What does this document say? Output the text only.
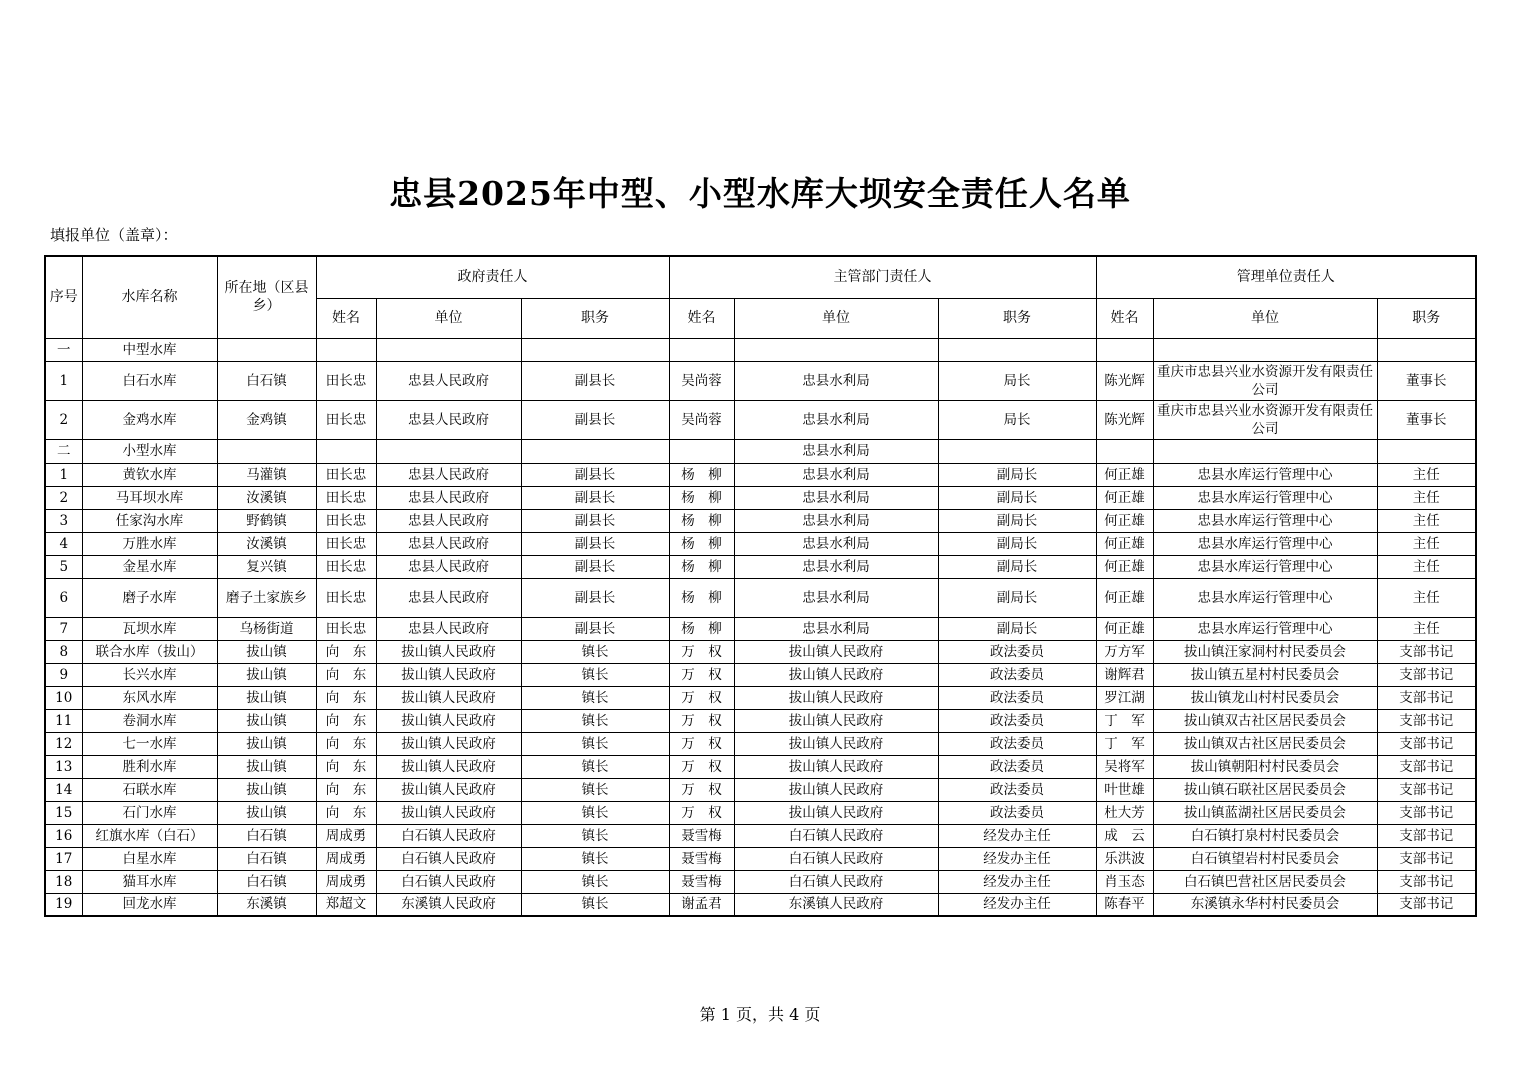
忠县2025年中型、小型水库大坝安全责任人名单
填报单位（盖章）：
序号	水库名称	所在地（区县乡）	政府责任人			主管部门责任人			管理单位责任人		
			姓名	单位	职务	姓名	单位	职务	姓名	单位	职务
一	中型水库										
1	白石水库	白石镇	田长忠	忠县人民政府	副县长	吴尚蓉	忠县水利局	局长	陈光辉	重庆市忠县兴业水资源开发有限责任公司	董事长
2	金鸡水库	金鸡镇	田长忠	忠县人民政府	副县长	吴尚蓉	忠县水利局	局长	陈光辉	重庆市忠县兴业水资源开发有限责任公司	董事长
二	小型水库						忠县水利局				
1	黄钦水库	马灌镇	田长忠	忠县人民政府	副县长	杨　柳	忠县水利局	副局长	何正雄	忠县水库运行管理中心	主任
2	马耳坝水库	汝溪镇	田长忠	忠县人民政府	副县长	杨　柳	忠县水利局	副局长	何正雄	忠县水库运行管理中心	主任
3	任家沟水库	野鹤镇	田长忠	忠县人民政府	副县长	杨　柳	忠县水利局	副局长	何正雄	忠县水库运行管理中心	主任
4	万胜水库	汝溪镇	田长忠	忠县人民政府	副县长	杨　柳	忠县水利局	副局长	何正雄	忠县水库运行管理中心	主任
5	金星水库	复兴镇	田长忠	忠县人民政府	副县长	杨　柳	忠县水利局	副局长	何正雄	忠县水库运行管理中心	主任
6	磨子水库	磨子土家族乡	田长忠	忠县人民政府	副县长	杨　柳	忠县水利局	副局长	何正雄	忠县水库运行管理中心	主任
7	瓦坝水库	乌杨街道	田长忠	忠县人民政府	副县长	杨　柳	忠县水利局	副局长	何正雄	忠县水库运行管理中心	主任
8	联合水库（拔山）	拔山镇	向　东	拔山镇人民政府	镇长	万　权	拔山镇人民政府	政法委员	万方军	拔山镇汪家洞村村民委员会	支部书记
9	长兴水库	拔山镇	向　东	拔山镇人民政府	镇长	万　权	拔山镇人民政府	政法委员	谢辉君	拔山镇五星村村民委员会	支部书记
10	东风水库	拔山镇	向　东	拔山镇人民政府	镇长	万　权	拔山镇人民政府	政法委员	罗江湖	拔山镇龙山村村民委员会	支部书记
11	卷洞水库	拔山镇	向　东	拔山镇人民政府	镇长	万　权	拔山镇人民政府	政法委员	丁　军	拔山镇双古社区居民委员会	支部书记
12	七一水库	拔山镇	向　东	拔山镇人民政府	镇长	万　权	拔山镇人民政府	政法委员	丁　军	拔山镇双古社区居民委员会	支部书记
13	胜利水库	拔山镇	向　东	拔山镇人民政府	镇长	万　权	拔山镇人民政府	政法委员	吴将军	拔山镇朝阳村村民委员会	支部书记
14	石联水库	拔山镇	向　东	拔山镇人民政府	镇长	万　权	拔山镇人民政府	政法委员	叶世雄	拔山镇石联社区居民委员会	支部书记
15	石门水库	拔山镇	向　东	拔山镇人民政府	镇长	万　权	拔山镇人民政府	政法委员	杜大芳	拔山镇蓝湖社区居民委员会	支部书记
16	红旗水库（白石）	白石镇	周成勇	白石镇人民政府	镇长	聂雪梅	白石镇人民政府	经发办主任	成　云	白石镇打泉村村民委员会	支部书记
17	白星水库	白石镇	周成勇	白石镇人民政府	镇长	聂雪梅	白石镇人民政府	经发办主任	乐洪波	白石镇望岩村村民委员会	支部书记
18	猫耳水库	白石镇	周成勇	白石镇人民政府	镇长	聂雪梅	白石镇人民政府	经发办主任	肖玉态	白石镇巴营社区居民委员会	支部书记
19	回龙水库	东溪镇	郑超文	东溪镇人民政府	镇长	谢孟君	东溪镇人民政府	经发办主任	陈春平	东溪镇永华村村民委员会	支部书记
第 1 页，共 4 页
